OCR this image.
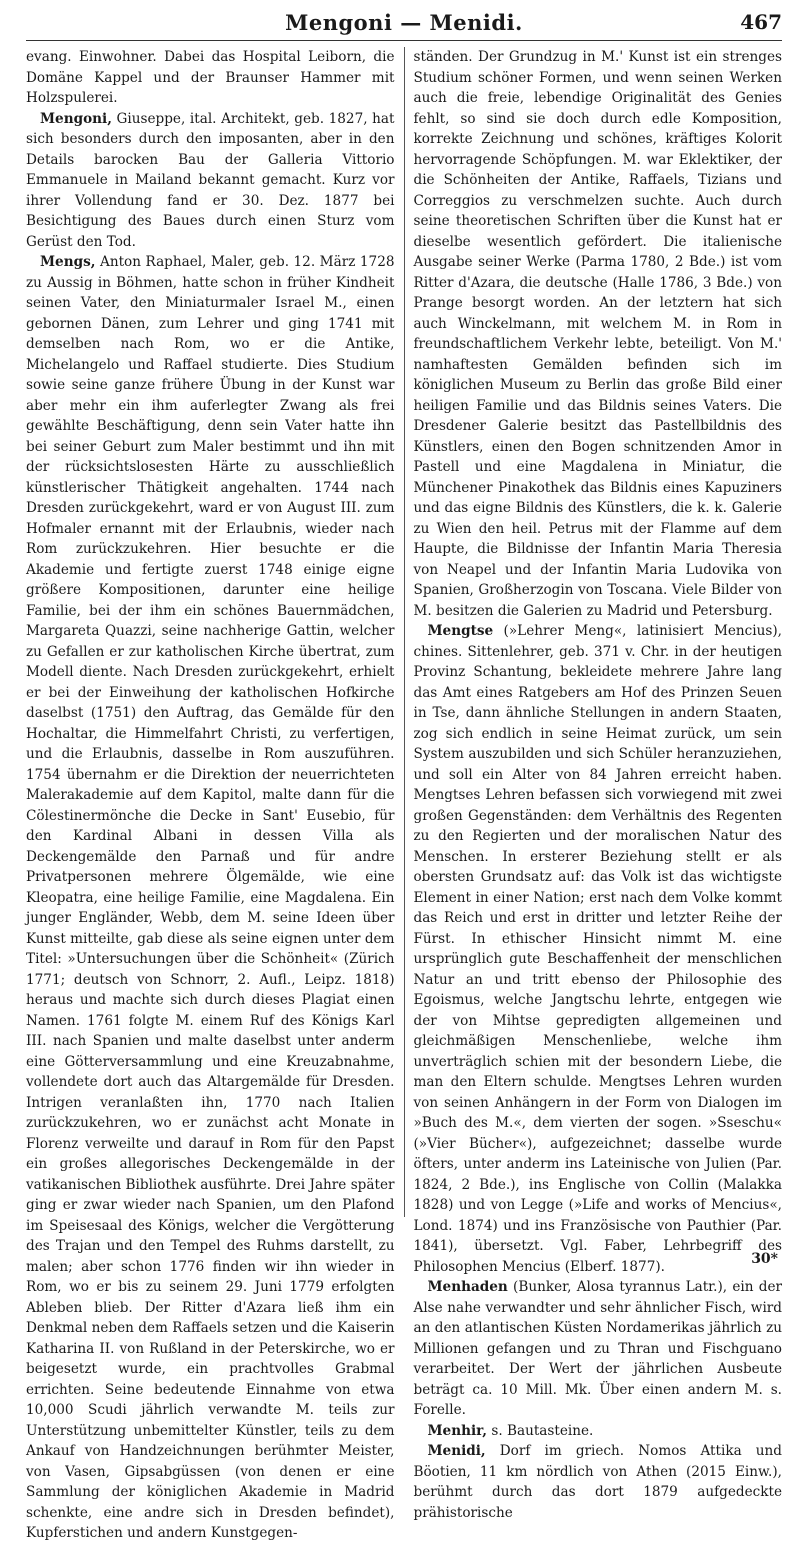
Mengoni — Menidi.	467

evang. Einwohner. Dabei das Hospital Leiborn, die Domäne Kappel und der Braunser Hammer mit Holzspulerei.

Mengoni, Giuseppe, ital. Architekt, geb. 1827, hat sich besonders durch den imposanten, aber in den Details barocken Bau der Galleria Vittorio Emmanuele in Mailand bekannt gemacht. Kurz vor ihrer Vollendung fand er 30. Dez. 1877 bei Besichtigung des Baues durch einen Sturz vom Gerüst den Tod.

Mengs, Anton Raphael, Maler, geb. 12. März 1728 zu Aussig in Böhmen, hatte schon in früher Kindheit seinen Vater, den Miniaturmaler Israel M., einen gebornen Dänen, zum Lehrer und ging 1741 mit demselben nach Rom, wo er die Antike, Michelangelo und Raffael studierte. Dies Studium sowie seine ganze frühere Übung in der Kunst war aber mehr ein ihm auferlegter Zwang als frei gewählte Beschäftigung, denn sein Vater hatte ihn bei seiner Geburt zum Maler bestimmt und ihn mit der rücksichtslosesten Härte zu ausschließlich künstlerischer Thätigkeit angehalten. 1744 nach Dresden zurückgekehrt, ward er von August III. zum Hofmaler ernannt mit der Erlaubnis, wieder nach Rom zurückzukehren. Hier besuchte er die Akademie und fertigte zuerst 1748 einige eigne größere Kompositionen, darunter eine heilige Familie, bei der ihm ein schönes Bauernmädchen, Margareta Quazzi, seine nachherige Gattin, welcher zu Gefallen er zur katholischen Kirche übertrat, zum Modell diente. Nach Dresden zurückgekehrt, erhielt er bei der Einweihung der katholischen Hofkirche daselbst (1751) den Auftrag, das Gemälde für den Hochaltar, die Himmelfahrt Christi, zu verfertigen, und die Erlaubnis, dasselbe in Rom auszuführen. 1754 übernahm er die Direktion der neuerrichteten Malerakademie auf dem Kapitol, malte dann für die Cölestinermönche die Decke in Sant' Eusebio, für den Kardinal Albani in dessen Villa als Deckengemälde den Parnaß und für andre Privatpersonen mehrere Ölgemälde, wie eine Kleopatra, eine heilige Familie, eine Magdalena. Ein junger Engländer, Webb, dem M. seine Ideen über Kunst mitteilte, gab diese als seine eignen unter dem Titel: »Untersuchungen über die Schönheit« (Zürich 1771; deutsch von Schnorr, 2. Aufl., Leipz. 1818) heraus und machte sich durch dieses Plagiat einen Namen. 1761 folgte M. einem Ruf des Königs Karl III. nach Spanien und malte daselbst unter anderm eine Götterversammlung und eine Kreuzabnahme, vollendete dort auch das Altargemälde für Dresden. Intrigen veranlaßten ihn, 1770 nach Italien zurückzukehren, wo er zunächst acht Monate in Florenz verweilte und darauf in Rom für den Papst ein großes allegorisches Deckengemälde in der vatikanischen Bibliothek ausführte. Drei Jahre später ging er zwar wieder nach Spanien, um den Plafond im Speisesaal des Königs, welcher die Vergötterung des Trajan und den Tempel des Ruhms darstellt, zu malen; aber schon 1776 finden wir ihn wieder in Rom, wo er bis zu seinem 29. Juni 1779 erfolgten Ableben blieb. Der Ritter d'Azara ließ ihm ein Denkmal neben dem Raffaels setzen und die Kaiserin Katharina II. von Rußland in der Peterskirche, wo er beigesetzt wurde, ein prachtvolles Grabmal errichten. Seine bedeutende Einnahme von etwa 10,000 Scudi jährlich verwandte M. teils zur Unterstützung unbemittelter Künstler, teils zu dem Ankauf von Handzeichnungen berühmter Meister, von Vasen, Gipsabgüssen (von denen er eine Sammlung der königlichen Akademie in Madrid schenkte, eine andre sich in Dresden befindet), Kupferstichen und andern Kunstgegen-

ständen. Der Grundzug in M.' Kunst ist ein strenges Studium schöner Formen, und wenn seinen Werken auch die freie, lebendige Originalität des Genies fehlt, so sind sie doch durch edle Komposition, korrekte Zeichnung und schönes, kräftiges Kolorit hervorragende Schöpfungen. M. war Eklektiker, der die Schönheiten der Antike, Raffaels, Tizians und Correggios zu verschmelzen suchte. Auch durch seine theoretischen Schriften über die Kunst hat er dieselbe wesentlich gefördert. Die italienische Ausgabe seiner Werke (Parma 1780, 2 Bde.) ist vom Ritter d'Azara, die deutsche (Halle 1786, 3 Bde.) von Prange besorgt worden. An der letztern hat sich auch Winckelmann, mit welchem M. in Rom in freundschaftlichem Verkehr lebte, beteiligt. Von M.' namhaftesten Gemälden befinden sich im königlichen Museum zu Berlin das große Bild einer heiligen Familie und das Bildnis seines Vaters. Die Dresdener Galerie besitzt das Pastellbildnis des Künstlers, einen den Bogen schnitzenden Amor in Pastell und eine Magdalena in Miniatur, die Münchener Pinakothek das Bildnis eines Kapuziners und das eigne Bildnis des Künstlers, die k. k. Galerie zu Wien den heil. Petrus mit der Flamme auf dem Haupte, die Bildnisse der Infantin Maria Theresia von Neapel und der Infantin Maria Ludovika von Spanien, Großherzogin von Toscana. Viele Bilder von M. besitzen die Galerien zu Madrid und Petersburg.

Mengtse (»Lehrer Meng«, latinisiert Mencius), chines. Sittenlehrer, geb. 371 v. Chr. in der heutigen Provinz Schantung, bekleidete mehrere Jahre lang das Amt eines Ratgebers am Hof des Prinzen Seuen in Tse, dann ähnliche Stellungen in andern Staaten, zog sich endlich in seine Heimat zurück, um sein System auszubilden und sich Schüler heranzuziehen, und soll ein Alter von 84 Jahren erreicht haben. Mengtses Lehren befassen sich vorwiegend mit zwei großen Gegenständen: dem Verhältnis des Regenten zu den Regierten und der moralischen Natur des Menschen. In ersterer Beziehung stellt er als obersten Grundsatz auf: das Volk ist das wichtigste Element in einer Nation; erst nach dem Volke kommt das Reich und erst in dritter und letzter Reihe der Fürst. In ethischer Hinsicht nimmt M. eine ursprünglich gute Beschaffenheit der menschlichen Natur an und tritt ebenso der Philosophie des Egoismus, welche Jangtschu lehrte, entgegen wie der von Mihtse gepredigten allgemeinen und gleichmäßigen Menschenliebe, welche ihm unverträglich schien mit der besondern Liebe, die man den Eltern schulde. Mengtses Lehren wurden von seinen Anhängern in der Form von Dialogen im »Buch des M.«, dem vierten der sogen. »Sseschu« (»Vier Bücher«), aufgezeichnet; dasselbe wurde öfters, unter anderm ins Lateinische von Julien (Par. 1824, 2 Bde.), ins Englische von Collin (Malakka 1828) und von Legge (»Life and works of Mencius«, Lond. 1874) und ins Französische von Pauthier (Par. 1841), übersetzt. Vgl. Faber, Lehrbegriff des Philosophen Mencius (Elberf. 1877).

Menhaden (Bunker, Alosa tyrannus Latr.), ein der Alse nahe verwandter und sehr ähnlicher Fisch, wird an den atlantischen Küsten Nordamerikas jährlich zu Millionen gefangen und zu Thran und Fischguano verarbeitet. Der Wert der jährlichen Ausbeute beträgt ca. 10 Mill. Mk. Über einen andern M. s. Forelle.

Menhir, s. Bautasteine.

Menidi, Dorf im griech. Nomos Attika und Böotien, 11 km nördlich von Athen (2015 Einw.), berühmt durch das dort 1879 aufgedeckte prähistorische

30*
